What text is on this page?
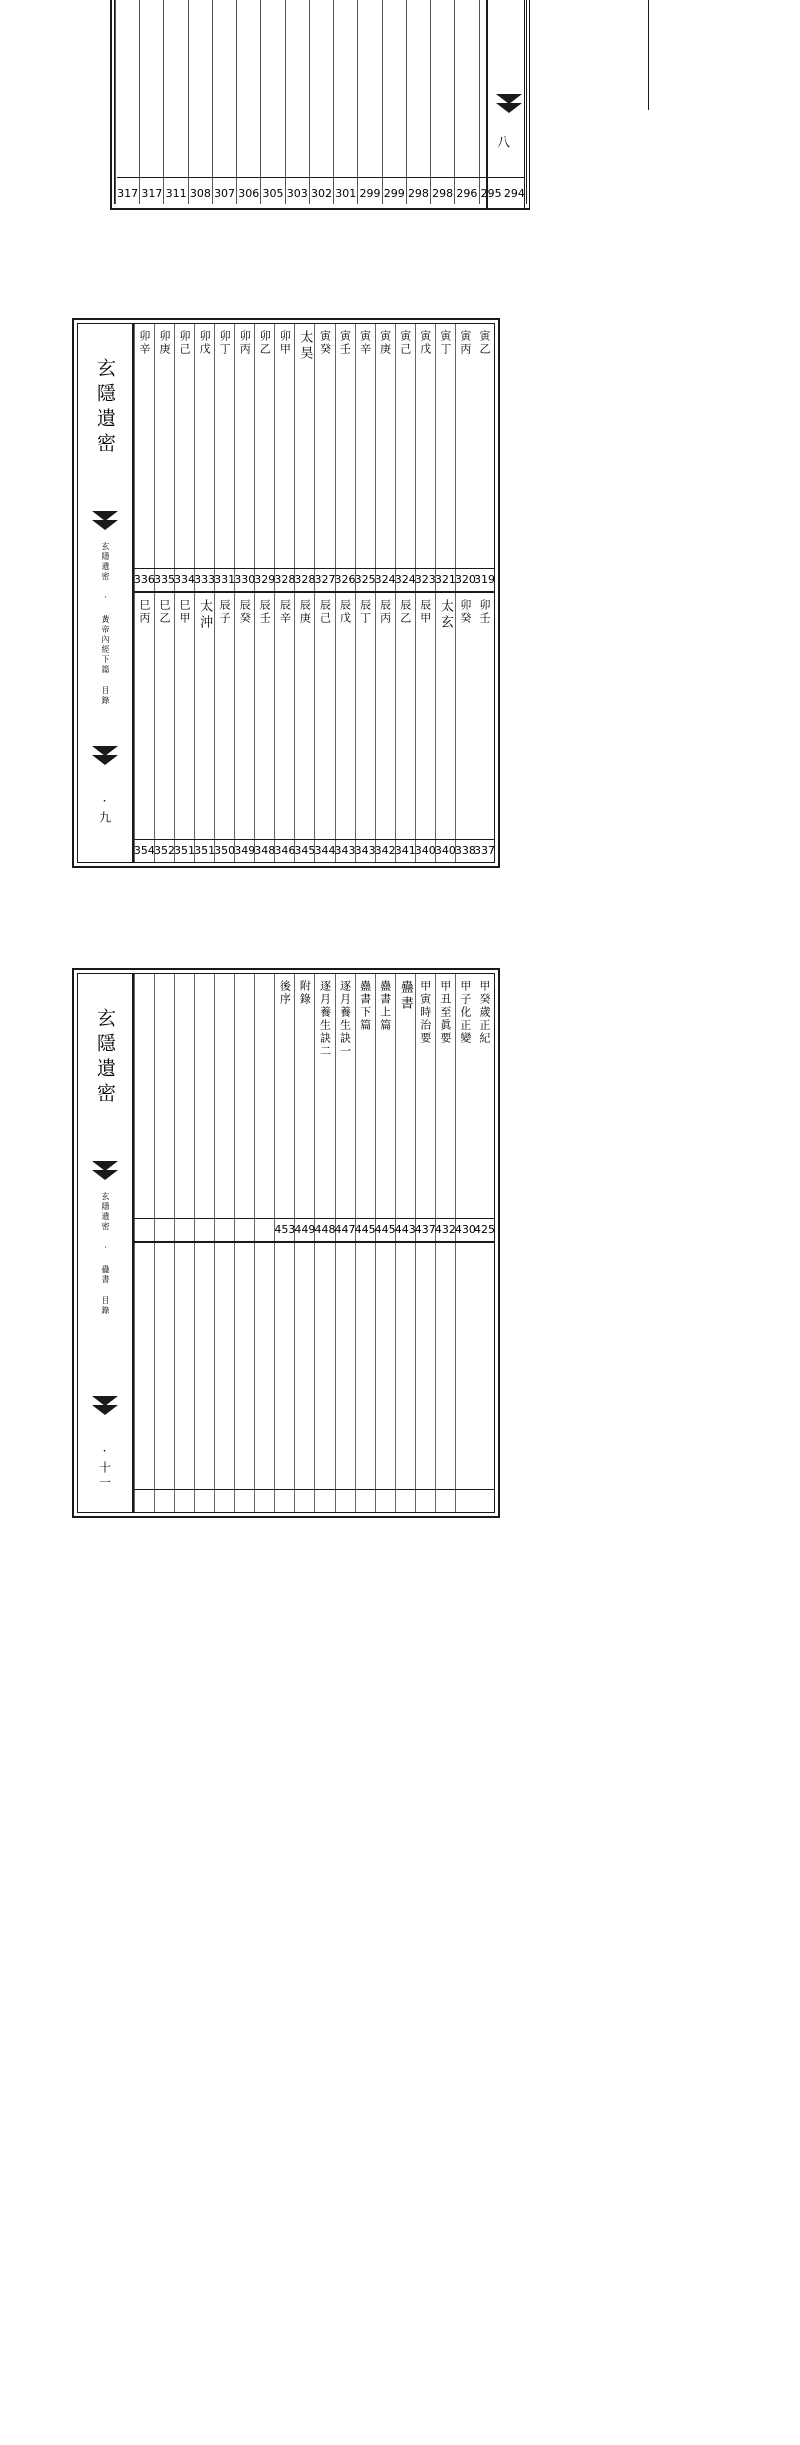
294
295
296
298
298
299
299
301
302
303
305
306
307
308
311
317
317
八
玄隱遺密
玄隱遺密 · 黃帝內經下篇 目錄
·九
寅乙
319
寅丙
320
寅丁
321
寅戊
323
寅己
324
寅庚
324
寅辛
325
寅壬
326
寅癸
327
太昊
328
卯甲
328
卯乙
329
卯丙
330
卯丁
331
卯戊
333
卯己
334
卯庚
335
卯辛
336
卯壬
337
卯癸
338
太玄
340
辰甲
340
辰乙
341
辰丙
342
辰丁
343
辰戊
343
辰己
344
辰庚
345
辰辛
346
辰壬
348
辰癸
349
辰子
350
太沖
351
巳甲
351
巳乙
352
巳丙
354
玄隱遺密
玄隱遺密 · 蠱書 目錄
·十一
甲癸歲正紀
425
甲子化正變
430
甲丑至眞要
432
甲寅時治要
437
蠱書
443
蠱書上篇
445
蠱書下篇
445
逐月養生訣一
447
逐月養生訣二
448
附錄
449
後序
453
